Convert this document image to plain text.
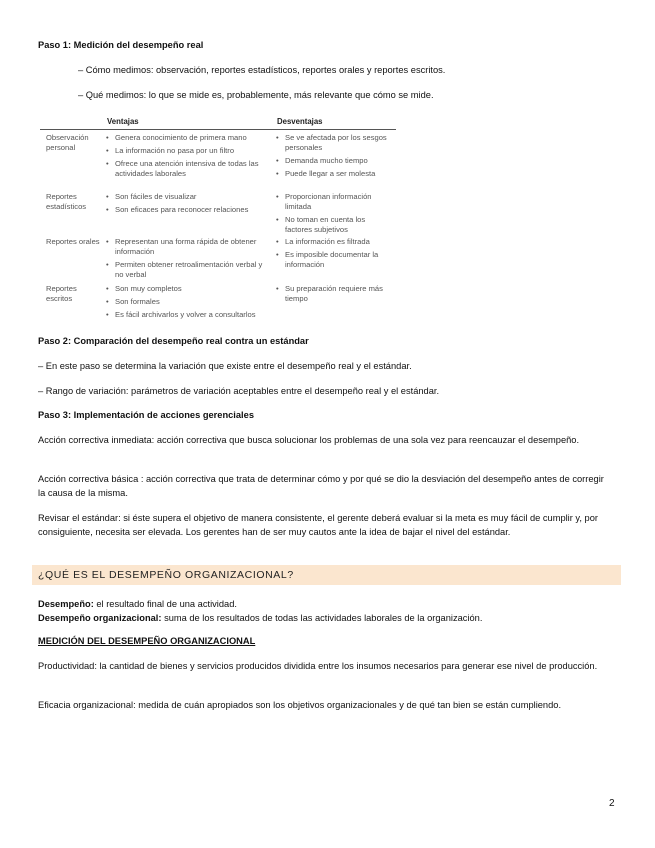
Paso 1: Medición del desempeño real
– Cómo medimos: observación, reportes estadísticos, reportes orales y reportes escritos.
– Qué medimos: lo que se mide es, probablemente, más relevante que cómo se mide.
Ventajas	Desventajas
Observación personal
• Genera conocimiento de primera mano
• La información no pasa por un filtro
• Ofrece una atención intensiva de todas las actividades laborales
• Se ve afectada por los sesgos personales
• Demanda mucho tiempo
• Puede llegar a ser molesta
Reportes estadísticos
• Son fáciles de visualizar
• Son eficaces para reconocer relaciones
• Proporcionan información limitada
• No toman en cuenta los factores subjetivos
Reportes orales
•	Representan una forma rápida de obtener información
• Permiten obtener retroalimentación verbal y no verbal
• La información es filtrada
• Es imposible documentar la información
Reportes escritos
• Son muy completos
• Son formales
• Es fácil archivarlos y volver a consultarlos
• Su preparación requiere más tiempo
Paso 2: Comparación del desempeño real contra un estándar
– En este paso se determina la variación que existe entre el desempeño real y el estándar.
– Rango de variación: parámetros de variación aceptables entre el desempeño real y el estándar.
Paso 3: Implementación de acciones gerenciales
Acción correctiva inmediata: acción correctiva que busca solucionar los problemas de una sola vez para reencauzar el desempeño.
Acción correctiva básica : acción correctiva que trata de determinar cómo y por qué se dio la desviación del desempeño antes de corregir la causa de la misma.
Revisar el estándar: si éste supera el objetivo de manera consistente, el gerente deberá evaluar si la meta es muy fácil de cumplir y, por consiguiente, necesita ser elevada. Los gerentes han de ser muy cautos ante la idea de bajar el nivel del estándar.
¿QUÉ ES EL DESEMPEÑO ORGANIZACIONAL?
Desempeño: el resultado final de una actividad.
Desempeño organizacional: suma de los resultados de todas las actividades laborales de la organización.
MEDICIÓN DEL DESEMPEÑO ORGANIZACIONAL
Productividad: la cantidad de bienes y servicios producidos dividida entre los insumos necesarios para generar ese nivel de producción.
Eficacia organizacional: medida de cuán apropiados son los objetivos organizacionales y de qué tan bien se están cumpliendo.
2
